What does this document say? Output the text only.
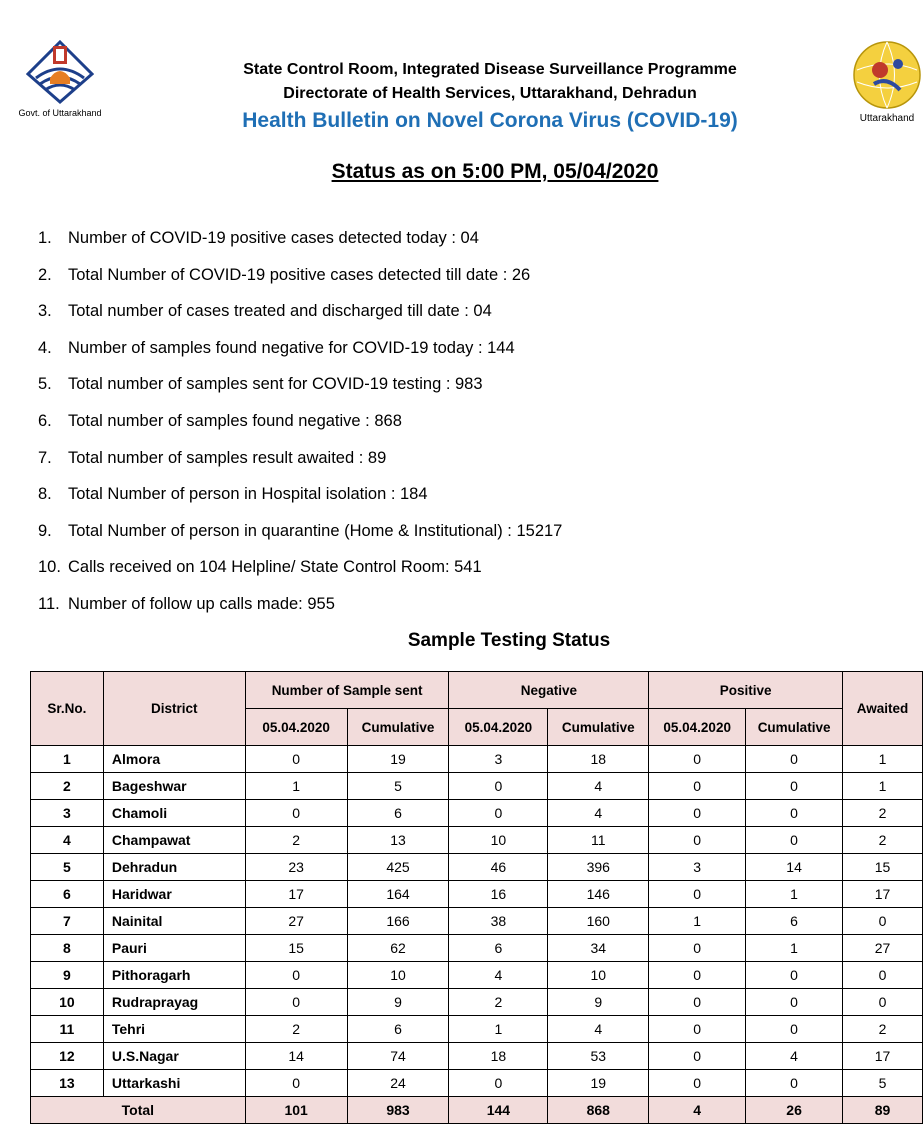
Govt. of Uttarakhand	Uttarakhand
State Control Room, Integrated Disease Surveillance Programme
Directorate of Health Services, Uttarakhand, Dehradun
Health Bulletin on Novel Corona Virus (COVID-19)
Status as on 5:00 PM, 05/04/2020
1. Number of COVID-19 positive cases detected today : 04
2. Total Number of COVID-19 positive cases detected till date : 26
3. Total number of cases treated and discharged till date : 04
4. Number of samples found negative for COVID-19 today : 144
5. Total number of samples sent for COVID-19 testing : 983
6. Total number of samples found negative : 868
7. Total number of samples result awaited : 89
8. Total Number of person in Hospital isolation : 184
9. Total Number of person in quarantine (Home & Institutional) : 15217
10. Calls received on 104 Helpline/ State Control Room: 541
11. Number of follow up calls made: 955
Sample Testing Status
Sr.No.	District	Number of Sample sent		Negative		Positive		Awaited
		05.04.2020	Cumulative	05.04.2020	Cumulative	05.04.2020	Cumulative	
1	Almora	0	19	3	18	0	0	1
2	Bageshwar	1	5	0	4	0	0	1
3	Chamoli	0	6	0	4	0	0	2
4	Champawat	2	13	10	11	0	0	2
5	Dehradun	23	425	46	396	3	14	15
6	Haridwar	17	164	16	146	0	1	17
7	Nainital	27	166	38	160	1	6	0
8	Pauri	15	62	6	34	0	1	27
9	Pithoragarh	0	10	4	10	0	0	0
10	Rudraprayag	0	9	2	9	0	0	0
11	Tehri	2	6	1	4	0	0	2
12	U.S.Nagar	14	74	18	53	0	4	17
13	Uttarkashi	0	24	0	19	0	0	5
Total		101	983	144	868	4	26	89
